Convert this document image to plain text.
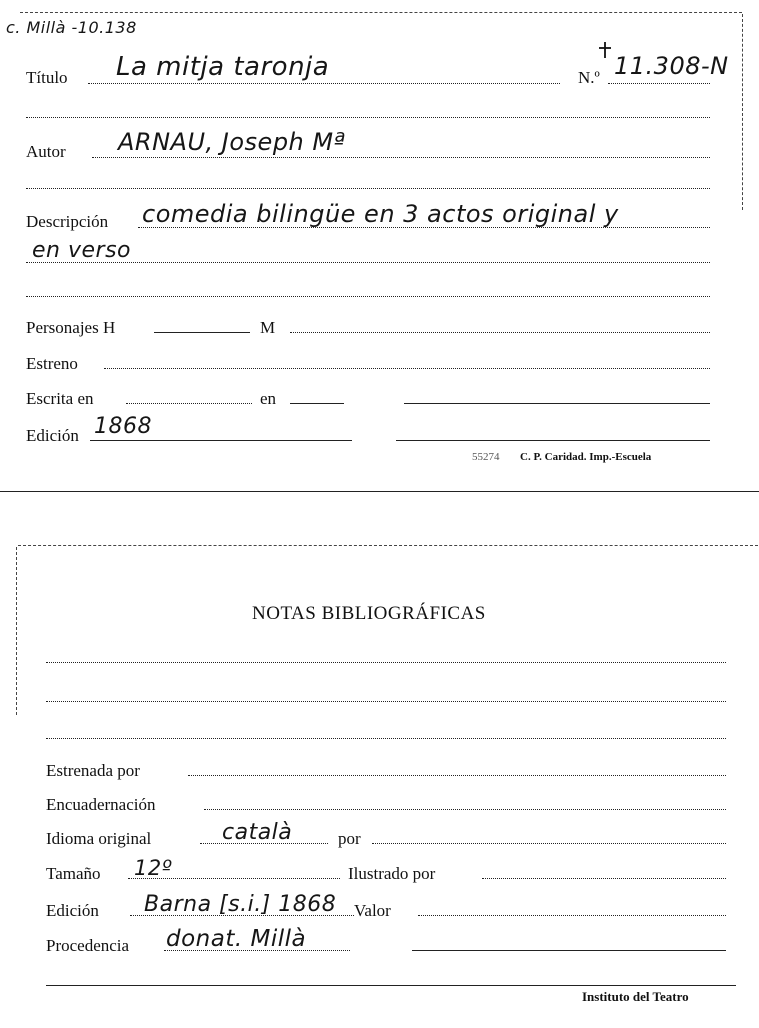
c. Millà -10.138
Título La mitja taronja	N.º 11.308-N
Autor ARNAU, Joseph Mª
Descripción comedia bilingüe en 3 actos original y
en verso
Personajes H	M
Estreno
Escrita en	en
Edición 1868
55274 C. P. Caridad. Imp.-Escuela
NOTAS BIBLIOGRÁFICAS
Estrenada por
Encuadernación
Idioma original	català	por
Tamaño 12º	Ilustrado por
Edición Barna [s.i.] 1868 Valor
Procedencia donat. Millà
Instituto del Teatro
